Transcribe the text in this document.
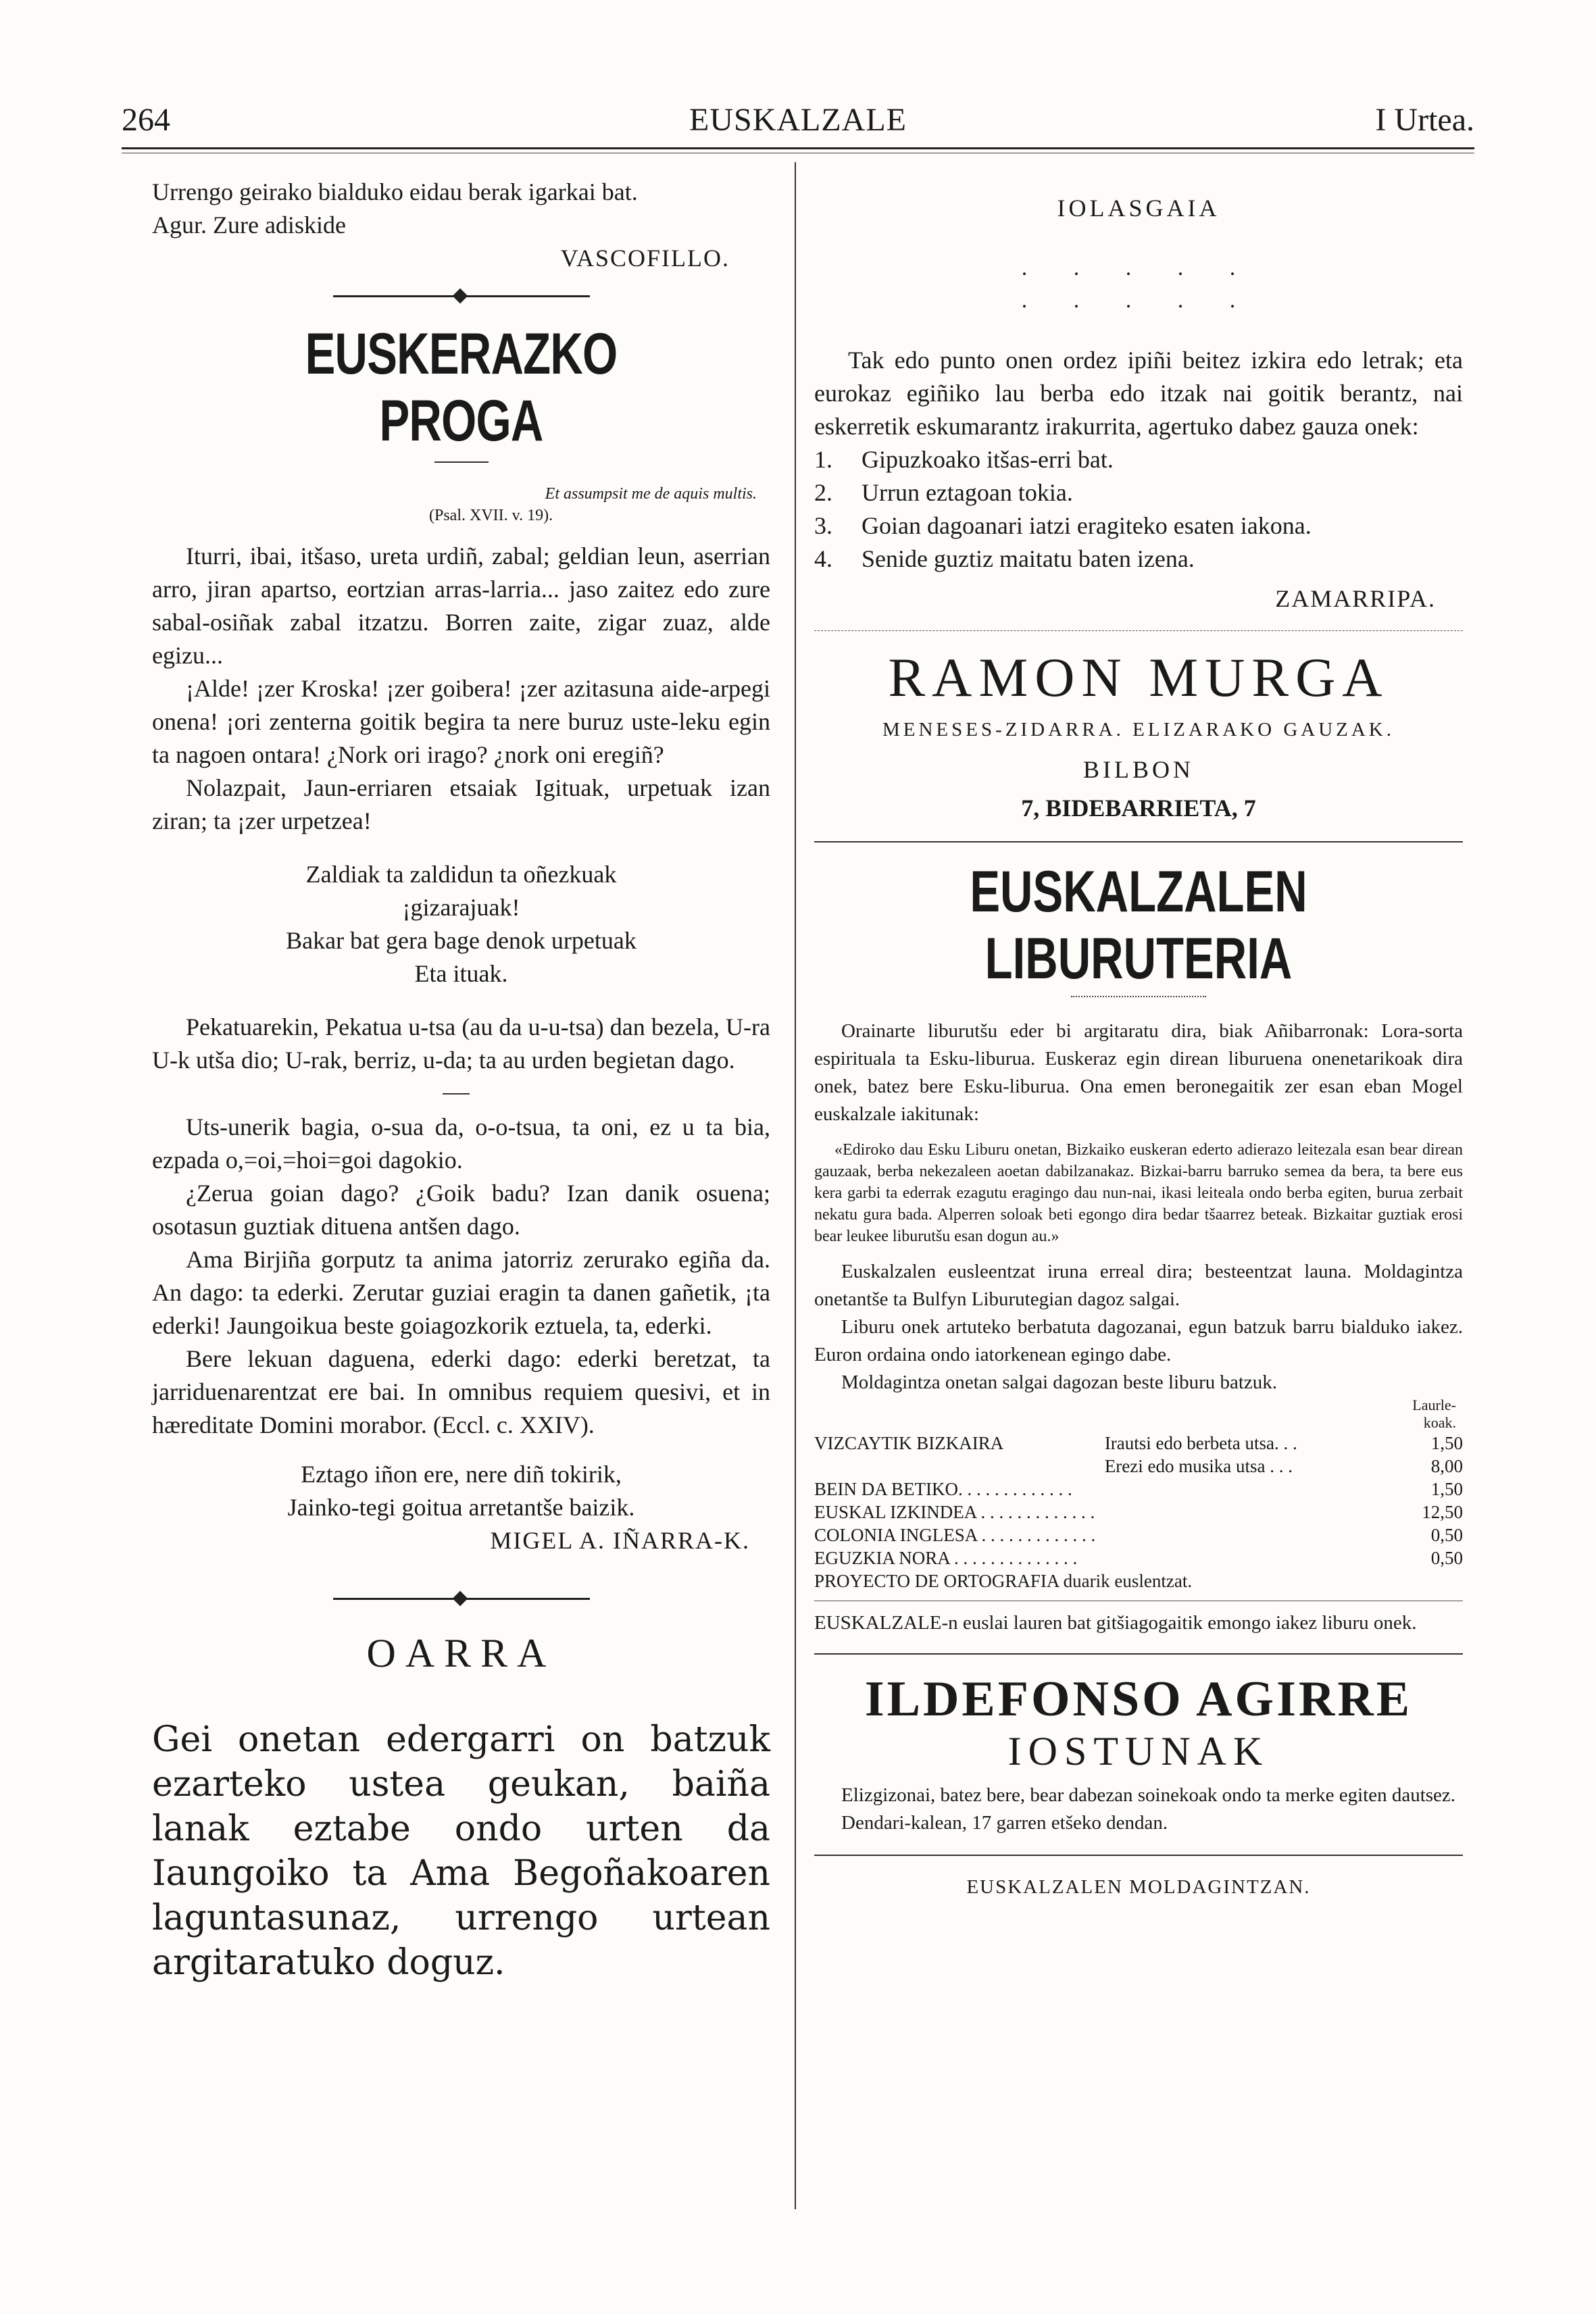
264	EUSKALZALE	I Urtea.

Urrengo geirako bialduko eidau berak igarkai bat.

Agur. Zure adiskide

VASCOFILLO.

EUSKERAZKO PROGA

Et assumpsit me de aquis multis.

(Psal. XVII. v. 19).

Iturri, ibai, itšaso, ureta urdiñ, zabal; geldian leun, aserrian arro, jiran apartso, eortzian arras-larria... jaso zaitez edo zure sabal-osiñak zabal itzatzu. Borren zaite, zigar zuaz, alde egizu...

¡Alde! ¡zer Kroska! ¡zer goibera! ¡zer azitasuna aide-arpegi onena! ¡ori zenterna goitik begira ta nere buruz uste-leku egin ta nagoen ontara! ¿Nork ori irago? ¿nork oni eregiñ?

Nolazpait, Jaun-erriaren etsaiak Igituak, urpetuak izan ziran; ta ¡zer urpetzea!

Zaldiak ta zaldidun ta oñezkuak

¡gizarajuak!

Bakar bat gera bage denok urpetuak

Eta ituak.

Pekatuarekin, Pekatua u-tsa (au da u-u-tsa) dan bezela, U-ra U-k utša dio; U-rak, berriz, u-da; ta au urden begietan dago.

Uts-unerik bagia, o-sua da, o-o-tsua, ta oni, ez u ta bia, ezpada o,=oi,=hoi=goi dagokio.

¿Zerua goian dago? ¿Goik badu? Izan danik osuena; osotasun guztiak dituena antšen dago.

Ama Birjiña gorputz ta anima jatorriz zerurako egiña da. An dago: ta ederki. Zerutar guziai eragin ta danen gañetik, ¡ta ederki! Jaungoikua beste goiagozkorik eztuela, ta, ederki.

Bere lekuan daguena, ederki dago: ederki beretzat, ta jarriduenarentzat ere bai. In omnibus requiem quesivi, et in hæreditate Domini morabor. (Eccl. c. XXIV).

Eztago iñon ere, nere diñ tokirik,

Jainko-tegi goitua arretantše baizik.

MIGEL A. IÑARRA-K.

OARRA

Gei onetan edergarri on batzuk ezarteko ustea geukan, baiña lanak eztabe ondo urten da Iaungoiko ta Ama Begoñakoaren laguntasunaz, urrengo urtean argitaratuko doguz.

IOLASGAIA

. . . . .

. . . . .

Tak edo punto onen ordez ipiñi beitez izkira edo letrak; eta eurokaz egiñiko lau berba edo itzak nai goitik berantz, nai eskerretik eskumarantz irakurrita, agertuko dabez gauza onek:

1. Gipuzkoako itšas-erri bat.
2. Urrun eztagoan tokia.
3. Goian dagoanari iatzi eragiteko esaten iakona.
4. Senide guztiz maitatu baten izena.

ZAMARRIPA.

RAMON MURGA

MENESES-ZIDARRA. ELIZARAKO GAUZAK.

BILBON

7, BIDEBARRIETA, 7

EUSKALZALEN LIBURUTERIA

Orainarte liburutšu eder bi argitaratu dira, biak Añibarronak: Lora-sorta espirituala ta Esku-liburua. Euskeraz egin direan liburuena onenetarikoak dira onek, batez bere Esku-liburua. Ona emen beronegaitik zer esan eban Mogel euskalzale iakitunak:

«Ediroko dau Esku Liburu onetan, Bizkaiko euskeran ederto adierazo leitezala esan bear direan gauzaak, berba nekezaleen aoetan dabilzanakaz. Bizkai-barru barruko semea da bera, ta bere eus kera garbi ta ederrak ezagutu eragingo dau nun-nai, ikasi leiteala ondo berba egiten, burua zerbait nekatu gura bada. Alperren soloak beti egongo dira bedar tšaarrez beteak. Bizkaitar guztiak erosi bear leukee liburutšu esan dogun au.»

Euskalzalen eusleentzat iruna erreal dira; besteentzat launa. Moldagintza onetantše ta Bulfyn Liburutegian dagoz salgai.

Liburu onek artuteko berbatuta dagozanai, egun batzuk barru bialduko iakez. Euron ordaina ondo iatorkenean egingo dabe.

Moldagintza onetan salgai dagozan beste liburu batzuk.

Laurle-koak.

VIZCAYTIK BIZKAIRA	Irautsi edo berbeta utsa. . .	1,50
	Erezi edo musika utsa . . .	8,00
BEIN DA BETIKO. . . . . . . . . . . . .		1,50
EUSKAL IZKINDEA . . . . . . . . . . . . .		12,50
COLONIA INGLESA . . . . . . . . . . . . .		0,50
EGUZKIA NORA . . . . . . . . . . . . . .		0,50
PROYECTO DE ORTOGRAFIA duarik euslentzat.		

EUSKALZALE-n euslai lauren bat gitšiagogaitik emongo iakez liburu onek.

ILDEFONSO AGIRRE
IOSTUNAK

Elizgizonai, batez bere, bear dabezan soinekoak ondo ta merke egiten dautsez.

Dendari-kalean, 17 garren etšeko dendan.

EUSKALZALEN MOLDAGINTZAN.
